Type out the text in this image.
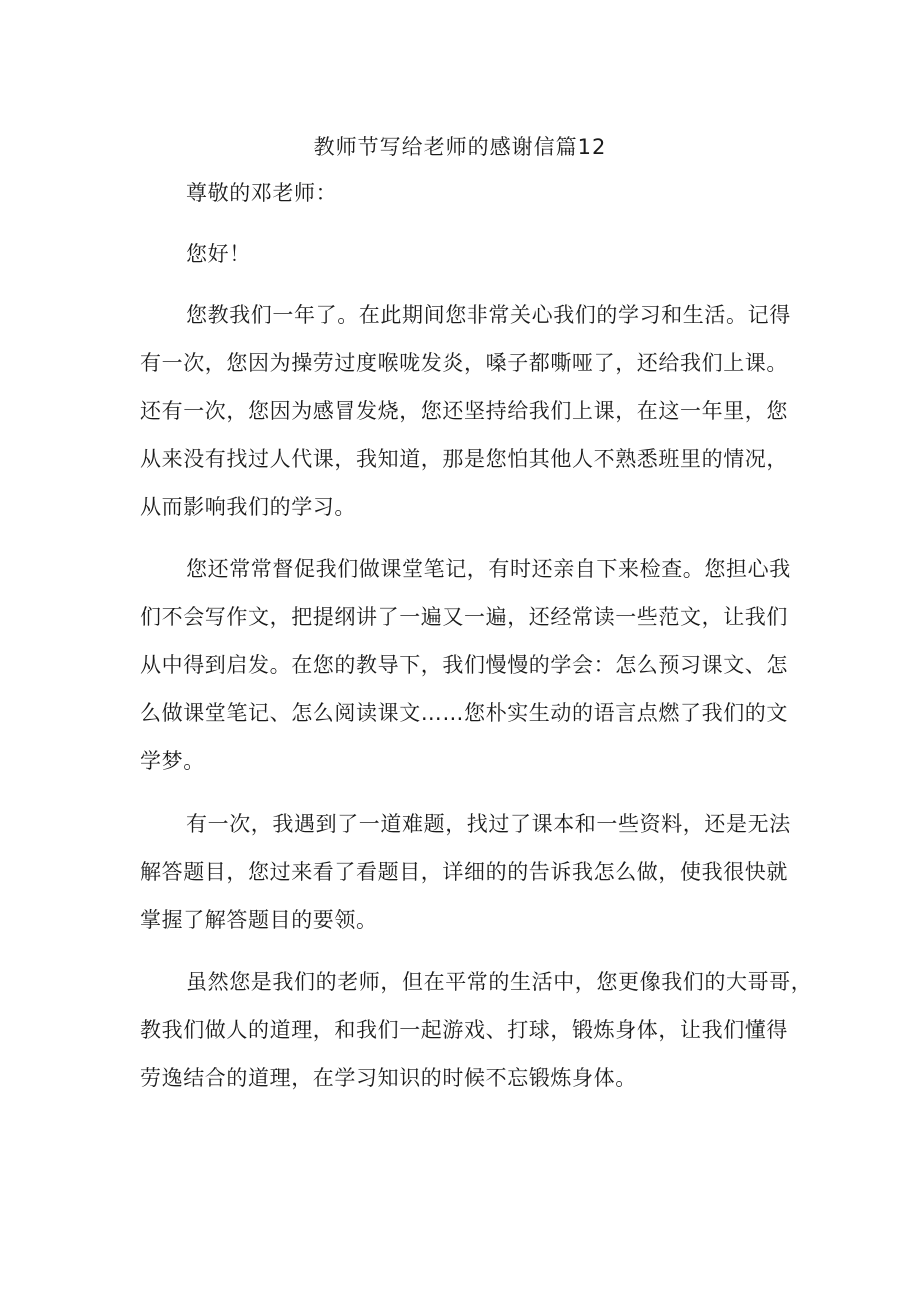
教师节写给老师的感谢信篇12
尊敬的邓老师：
您好！
您教我们一年了。在此期间您非常关心我们的学习和生活。记得
有一次，您因为操劳过度喉咙发炎，嗓子都嘶哑了，还给我们上课。
还有一次，您因为感冒发烧，您还坚持给我们上课，在这一年里，您
从来没有找过人代课，我知道，那是您怕其他人不熟悉班里的情况，
从而影响我们的学习。
您还常常督促我们做课堂笔记，有时还亲自下来检查。您担心我
们不会写作文，把提纲讲了一遍又一遍，还经常读一些范文，让我们
从中得到启发。在您的教导下，我们慢慢的学会：怎么预习课文、怎
么做课堂笔记、怎么阅读课文……您朴实生动的语言点燃了我们的文
学梦。
有一次，我遇到了一道难题，找过了课本和一些资料，还是无法
解答题目，您过来看了看题目，详细的的告诉我怎么做，使我很快就
掌握了解答题目的要领。
虽然您是我们的老师，但在平常的生活中，您更像我们的大哥哥，
教我们做人的道理，和我们一起游戏、打球，锻炼身体，让我们懂得
劳逸结合的道理，在学习知识的时候不忘锻炼身体。
